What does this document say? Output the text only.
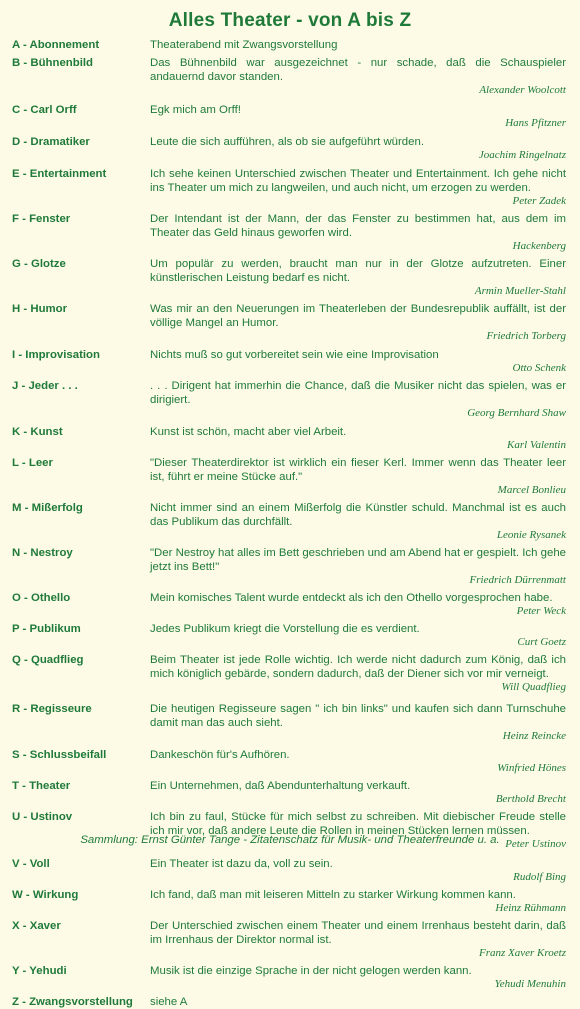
Alles Theater - von A bis Z
A - Abonnement	Theaterabend mit Zwangsvorstellung
B - Bühnenbild	Das Bühnenbild war ausgezeichnet - nur schade, daß die Schauspieler andauernd davor standen.
Alexander Woolcott
C - Carl Orff	Egk mich am Orff!
Hans Pfitzner
D - Dramatiker	Leute die sich aufführen, als ob sie aufgeführt würden.
Joachim Ringelnatz
E - Entertainment	Ich sehe keinen Unterschied zwischen Theater und Entertainment. Ich gehe nicht ins Theater um mich zu langweilen, und auch nicht, um erzogen zu werden.
Peter Zadek
F - Fenster	Der Intendant ist der Mann, der das Fenster zu bestimmen hat, aus dem im Theater das Geld hinaus geworfen wird.
Hackenberg
G - Glotze	Um populär zu werden, braucht man nur in der Glotze aufzutreten. Einer künstlerischen Leistung bedarf es nicht.
Armin Mueller-Stahl
H - Humor	Was mir an den Neuerungen im Theaterleben der Bundesrepublik auffällt, ist der völlige Mangel an Humor.
Friedrich Torberg
I - Improvisation	Nichts muß so gut vorbereitet sein wie eine Improvisation
Otto Schenk
J - Jeder . . .	. . . Dirigent hat immerhin die Chance, daß die Musiker nicht das spielen, was er dirigiert.
Georg Bernhard Shaw
K - Kunst	Kunst ist schön, macht aber viel Arbeit.
Karl Valentin
L - Leer	"Dieser Theaterdirektor ist wirklich ein fieser Kerl. Immer wenn das Theater leer ist, führt er meine Stücke auf."
Marcel Bonlieu
M - Mißerfolg	Nicht immer sind an einem Mißerfolg die Künstler schuld. Manchmal ist es auch das Publikum das durchfällt.
Leonie Rysanek
N - Nestroy	"Der Nestroy hat alles im Bett geschrieben und am Abend hat er gespielt. Ich gehe jetzt ins Bett!"
Friedrich Dürrenmatt
O - Othello	Mein komisches Talent wurde entdeckt als ich den Othello vorgesprochen habe.
Peter Weck
P - Publikum	Jedes Publikum kriegt die Vorstellung die es verdient.
Curt Goetz
Q - Quadflieg	Beim Theater ist jede Rolle wichtig. Ich werde nicht dadurch zum König, daß ich mich königlich gebärde, sondern dadurch, daß der Diener sich vor mir verneigt.
Will Quadflieg
R - Regisseure	Die heutigen Regisseure sagen " ich bin links" und kaufen sich dann Turnschuhe damit man das auch sieht.
Heinz Reincke
S - Schlussbeifall	Dankeschön für's Aufhören.
Winfried Hönes
T - Theater	Ein Unternehmen, daß Abendunterhaltung verkauft.
Berthold Brecht
U - Ustinov	Ich bin zu faul, Stücke für mich selbst zu schreiben. Mit diebischer Freude stelle ich mir vor, daß andere Leute die Rollen in meinen Stücken lernen müssen.
Peter Ustinov
V - Voll	Ein Theater ist dazu da, voll zu sein.
Rudolf Bing
W - Wirkung	Ich fand, daß man mit leiseren Mitteln zu starker Wirkung kommen kann.
Heinz Rühmann
X - Xaver	Der Unterschied zwischen einem Theater und einem Irrenhaus besteht darin, daß im Irrenhaus der Direktor normal ist.
Franz Xaver Kroetz
Y - Yehudi	Musik ist die einzige Sprache in der nicht gelogen werden kann.
Yehudi Menuhin
Z - Zwangsvorstellung	siehe A
Sammlung: Ernst Günter Tange - Zitatenschatz für Musik- und Theaterfreunde u. a.
